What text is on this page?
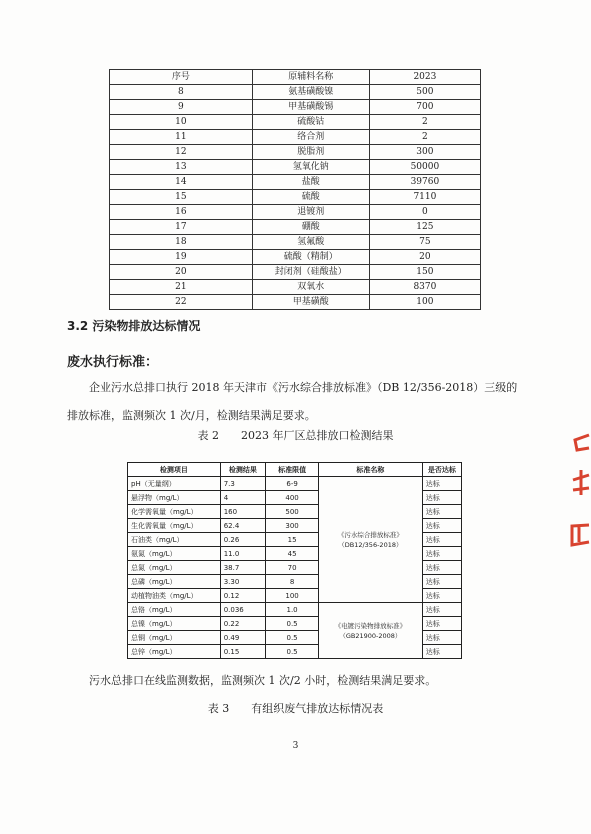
序号	原辅料名称	2023
8	氨基磺酸镍	500
9	甲基磺酸锡	700
10	硫酸钴	2
11	络合剂	2
12	脱脂剂	300
13	氢氧化钠	50000
14	盐酸	39760
15	硫酸	7110
16	退镀剂	0
17	硼酸	125
18	氢氟酸	75
19	硫酸（精制）	20
20	封闭剂（硅酸盐）	150
21	双氧水	8370
22	甲基磺酸	100
3.2 污染物排放达标情况
废水执行标准：
企业污水总排口执行 2018 年天津市《污水综合排放标准》（DB 12/356-2018）三级的排放标准，监测频次 1 次/月，检测结果满足要求。
表 2　　2023 年厂区总排放口检测结果
检测项目	检测结果	标准限值	标准名称	是否达标
pH（无量纲）	7.3	6-9	《污水综合排放标准》（DB12/356-2018）	达标
悬浮物（mg/L）	4	400		达标
化学需氧量（mg/L）	160	500		达标
生化需氧量（mg/L）	62.4	300		达标
石油类（mg/L）	0.26	15		达标
氨氮（mg/L）	11.0	45		达标
总氮（mg/L）	38.7	70		达标
总磷（mg/L）	3.30	8		达标
动植物油类（mg/L）	0.12	100		达标
总铬（mg/L）	0.036	1.0	《电镀污染物排放标准》（GB21900-2008）	达标
总镍（mg/L）	0.22	0.5		达标
总铜（mg/L）	0.49	0.5		达标
总锌（mg/L）	0.15	0.5		达标
污水总排口在线监测数据，监测频次 1 次/2 小时，检测结果满足要求。
表 3　　有组织废气排放达标情况表
3
